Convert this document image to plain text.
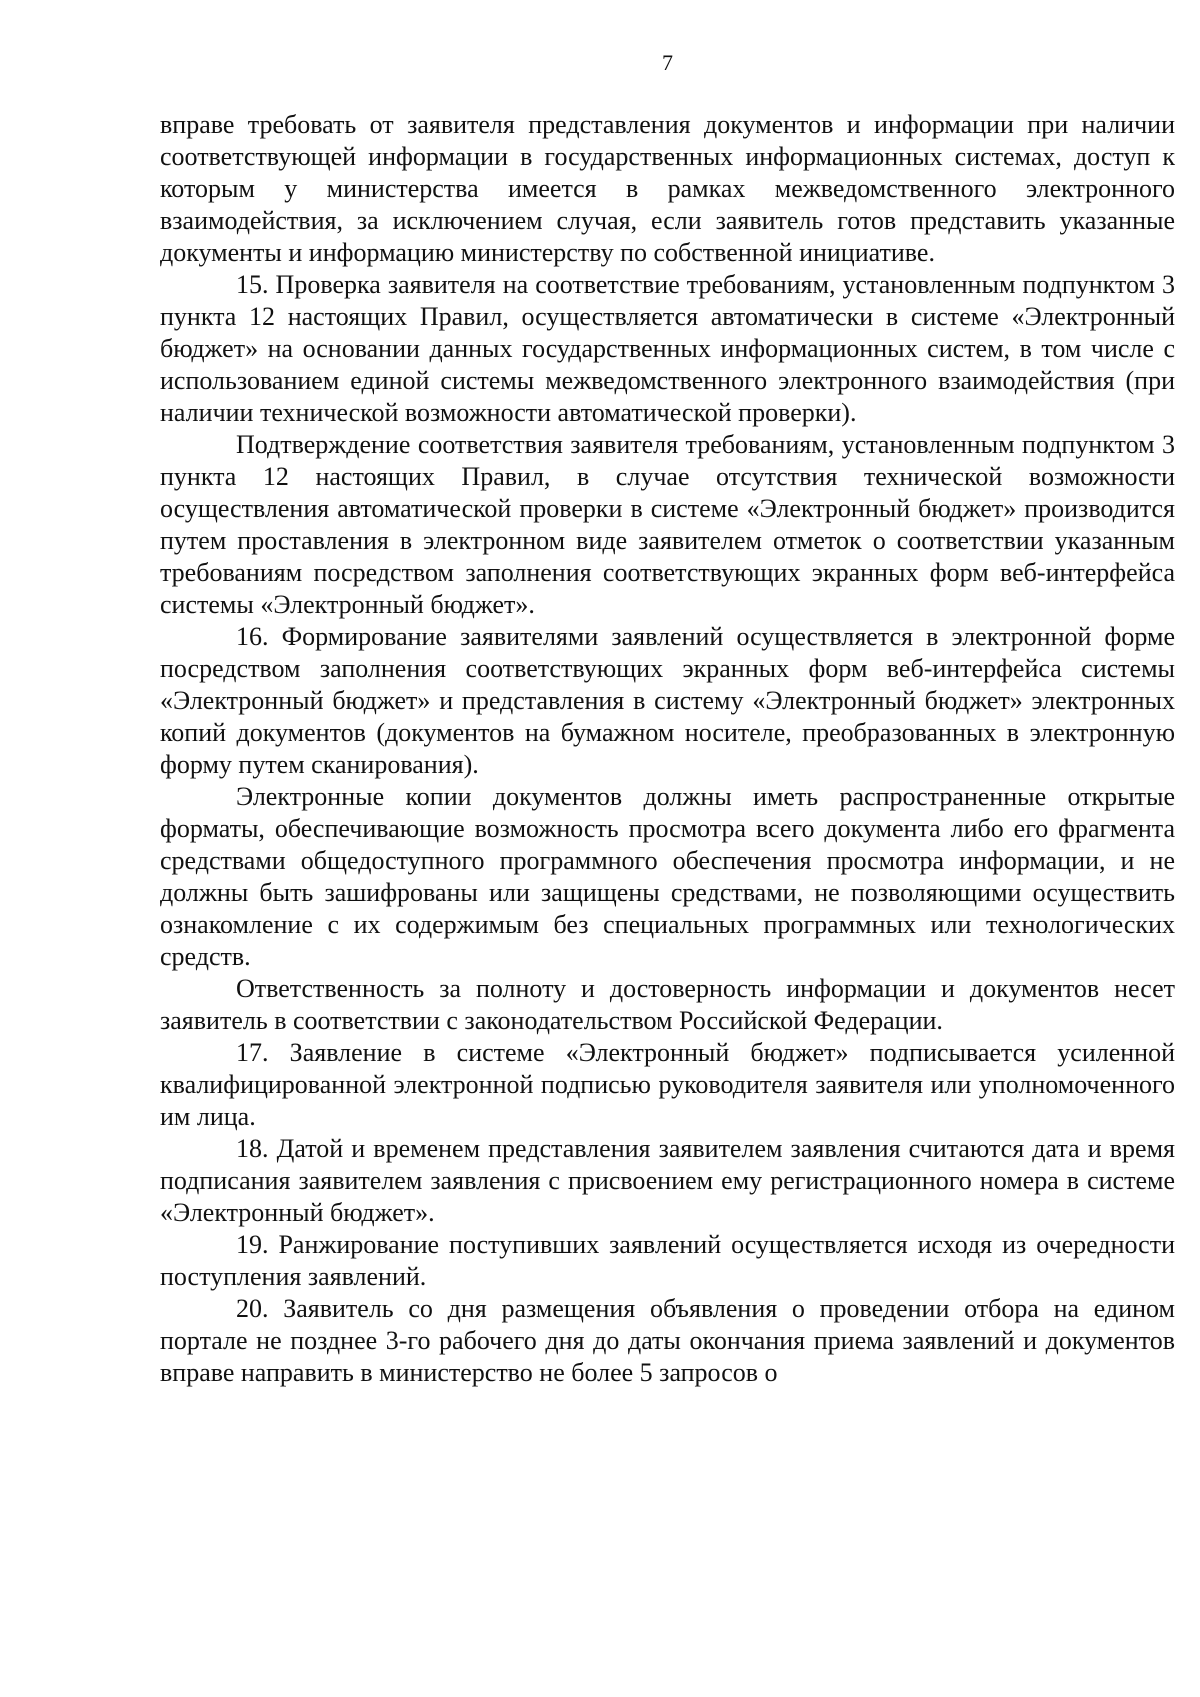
7

вправе требовать от заявителя представления документов и информации при наличии соответствующей информации в государственных информационных системах, доступ к которым у министерства имеется в рамках межведомственного электронного взаимодействия, за исключением случая, если заявитель готов представить указанные документы и информацию министерству по собственной инициативе.

15. Проверка заявителя на соответствие требованиям, установленным подпунктом 3 пункта 12 настоящих Правил, осуществляется автоматически в системе «Электронный бюджет» на основании данных государственных информационных систем, в том числе с использованием единой системы межведомственного электронного взаимодействия (при наличии технической возможности автоматической проверки).

Подтверждение соответствия заявителя требованиям, установленным подпунктом 3 пункта 12 настоящих Правил, в случае отсутствия технической возможности осуществления автоматической проверки в системе «Электронный бюджет» производится путем проставления в электронном виде заявителем отметок о соответствии указанным требованиям посредством заполнения соответствующих экранных форм веб-интерфейса системы «Электронный бюджет».

16. Формирование заявителями заявлений осуществляется в электронной форме посредством заполнения соответствующих экранных форм веб-интерфейса системы «Электронный бюджет» и представления в систему «Электронный бюджет» электронных копий документов (документов на бумажном носителе, преобразованных в электронную форму путем сканирования).

Электронные копии документов должны иметь распространенные открытые форматы, обеспечивающие возможность просмотра всего документа либо его фрагмента средствами общедоступного программного обеспечения просмотра информации, и не должны быть зашифрованы или защищены средствами, не позволяющими осуществить ознакомление с их содержимым без специальных программных или технологических средств.

Ответственность за полноту и достоверность информации и документов несет заявитель в соответствии с законодательством Российской Федерации.

17. Заявление в системе «Электронный бюджет» подписывается усиленной квалифицированной электронной подписью руководителя заявителя или уполномоченного им лица.

18. Датой и временем представления заявителем заявления считаются дата и время подписания заявителем заявления с присвоением ему регистрационного номера в системе «Электронный бюджет».

19. Ранжирование поступивших заявлений осуществляется исходя из очередности поступления заявлений.

20. Заявитель со дня размещения объявления о проведении отбора на едином портале не позднее 3-го рабочего дня до даты окончания приема заявлений и документов вправе направить в министерство не более 5 запросов о
